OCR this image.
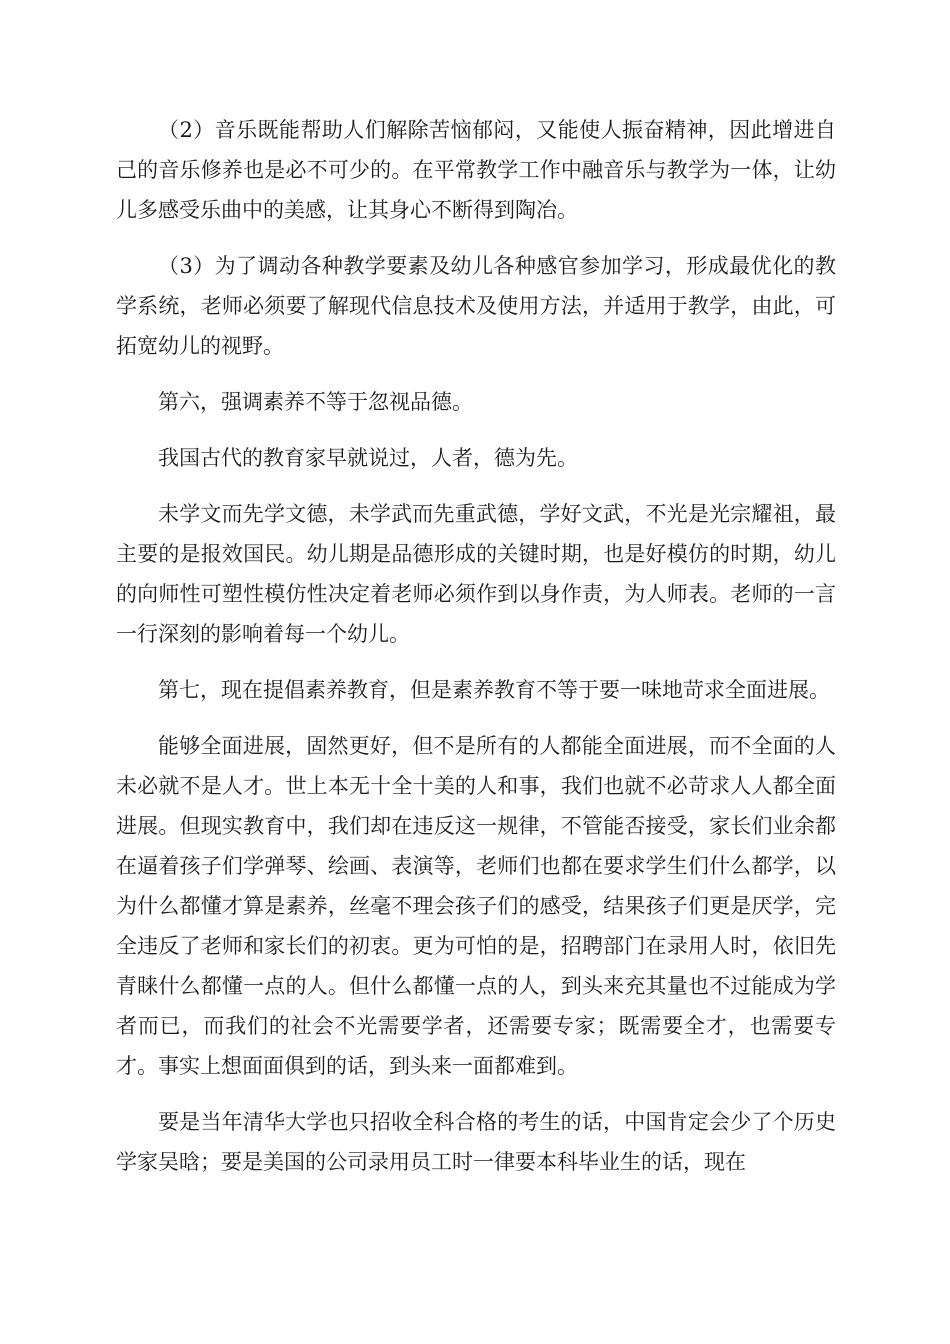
（2）音乐既能帮助人们解除苦恼郁闷，又能使人振奋精神，因此增进自己的音乐修养也是必不可少的。在平常教学工作中融音乐与教学为一体，让幼儿多感受乐曲中的美感，让其身心不断得到陶冶。

（3）为了调动各种教学要素及幼儿各种感官参加学习，形成最优化的教学系统，老师必须要了解现代信息技术及使用方法，并适用于教学，由此，可拓宽幼儿的视野。

第六，强调素养不等于忽视品德。

我国古代的教育家早就说过，人者，德为先。

未学文而先学文德，未学武而先重武德，学好文武，不光是光宗耀祖，最主要的是报效国民。幼儿期是品德形成的关键时期，也是好模仿的时期，幼儿的向师性可塑性模仿性决定着老师必须作到以身作责，为人师表。老师的一言一行深刻的影响着每一个幼儿。

第七，现在提倡素养教育，但是素养教育不等于要一味地苛求全面进展。

能够全面进展，固然更好，但不是所有的人都能全面进展，而不全面的人未必就不是人才。世上本无十全十美的人和事，我们也就不必苛求人人都全面进展。但现实教育中，我们却在违反这一规律，不管能否接受，家长们业余都在逼着孩子们学弹琴、绘画、表演等，老师们也都在要求学生们什么都学，以为什么都懂才算是素养，丝毫不理会孩子们的感受，结果孩子们更是厌学，完全违反了老师和家长们的初衷。更为可怕的是，招聘部门在录用人时，依旧先青睐什么都懂一点的人。但什么都懂一点的人，到头来充其量也不过能成为学者而已，而我们的社会不光需要学者，还需要专家；既需要全才，也需要专才。事实上想面面俱到的话，到头来一面都难到。

要是当年清华大学也只招收全科合格的考生的话，中国肯定会少了个历史学家吴晗；要是美国的公司录用员工时一律要本科毕业生的话，现在
